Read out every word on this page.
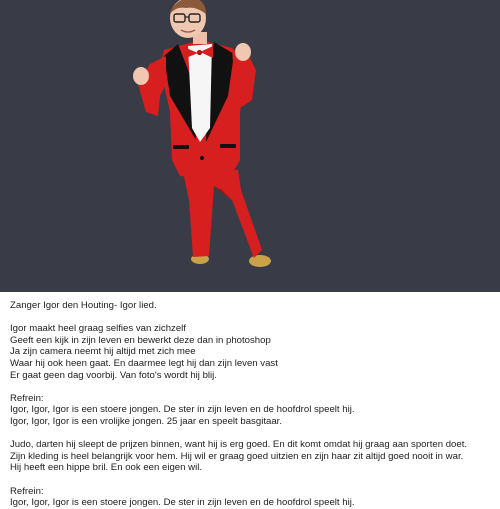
Zanger Igor den Houting- Igor lied.
Igor maakt heel graag selfies van zichzelf
Geeft een kijk in zijn leven en bewerkt deze dan in photoshop
Ja zijn camera neemt hij altijd met zich mee
Waar hij ook heen gaat. En daarmee legt hij dan zijn leven vast
Er gaat geen dag voorbij. Van foto's wordt hij blij.
Refrein:
Igor, Igor, Igor is een stoere jongen. De ster in zijn leven en de hoofdrol speelt hij.
Igor, Igor, Igor is een vrolijke jongen. 25 jaar en speelt basgitaar.
Judo, darten hij sleept de prijzen binnen, want hij is erg goed. En dit komt omdat hij graag aan sporten doet.
Zijn kleding is heel belangrijk voor hem. Hij wil er graag goed uitzien en zijn haar zit altijd goed nooit in war.
Hij heeft een hippe bril. En ook een eigen wil.
Refrein:
Igor, Igor, Igor is een stoere jongen. De ster in zijn leven en de hoofdrol speelt hij.
